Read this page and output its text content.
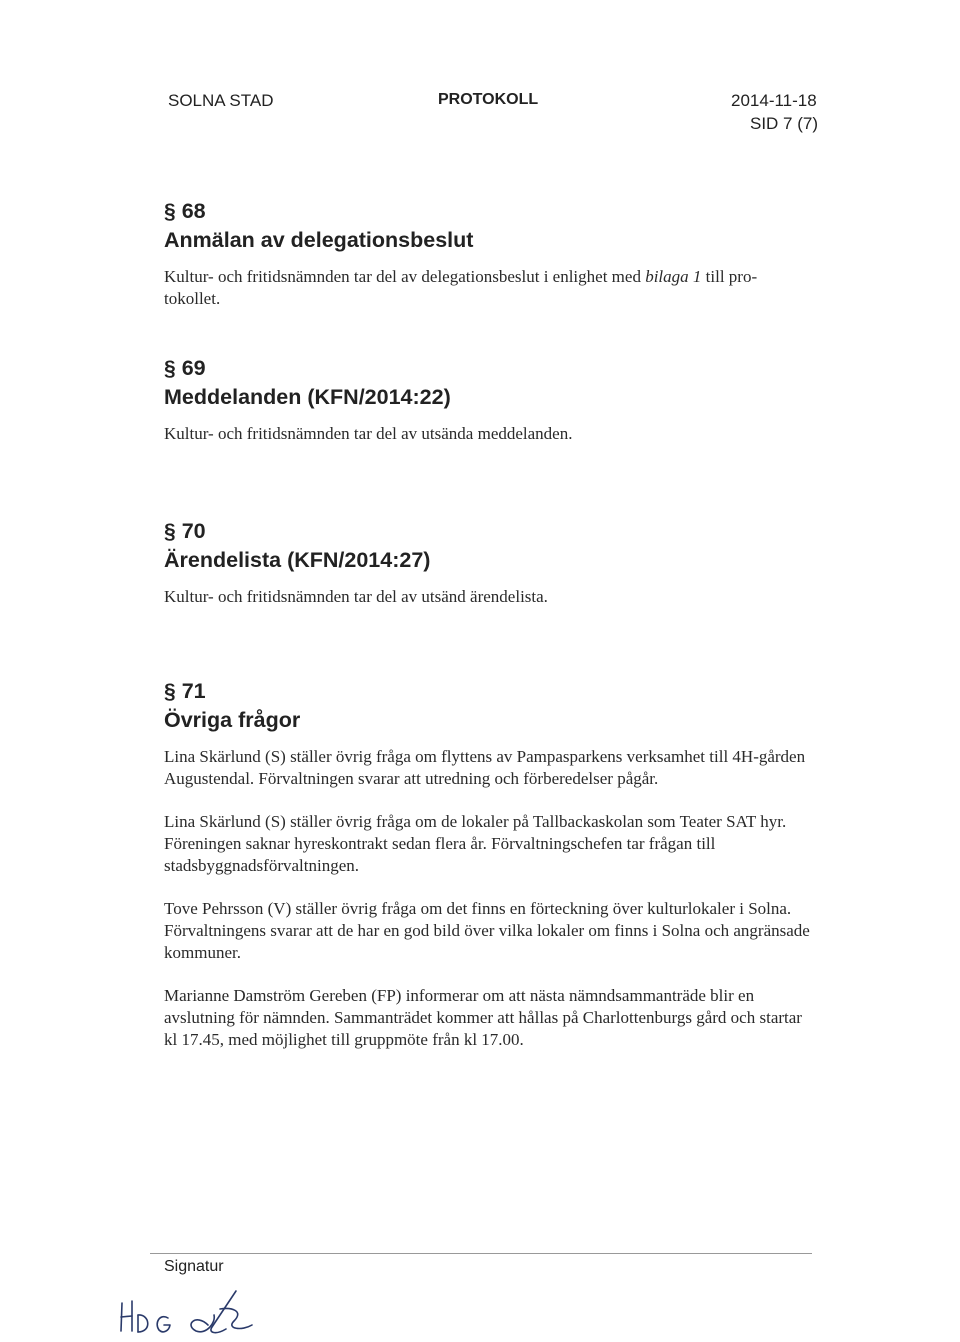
SOLNA STAD	PROTOKOLL	2014-11-18
SID 7 (7)

§ 68

Anmälan av delegationsbeslut

Kultur- och fritidsnämnden tar del av delegationsbeslut i enlighet med bilaga 1 till pro-tokollet.

§ 69

Meddelanden (KFN/2014:22)

Kultur- och fritidsnämnden tar del av utsända meddelanden.

§ 70

Ärendelista (KFN/2014:27)

Kultur- och fritidsnämnden tar del av utsänd ärendelista.

§ 71

Övriga frågor

Lina Skärlund (S) ställer övrig fråga om flyttens av Pampasparkens verksamhet till 4H-gården Augustendal. Förvaltningen svarar att utredning och förberedelser pågår.

Lina Skärlund (S) ställer övrig fråga om de lokaler på Tallbackaskolan som Teater SAT hyr. Föreningen saknar hyreskontrakt sedan flera år. Förvaltningschefen tar frågan till stadsbyggnadsförvaltningen.

Tove Pehrsson (V) ställer övrig fråga om det finns en förteckning över kulturlokaler i Solna. Förvaltningens svarar att de har en god bild över vilka lokaler om finns i Solna och angränsade kommuner.

Marianne Damström Gereben (FP) informerar om att nästa nämndsammanträde blir en avslutning för nämnden. Sammanträdet kommer att hållas på Charlottenburgs gård och startar kl 17.45, med möjlighet till gruppmöte från kl 17.00.

Signatur
